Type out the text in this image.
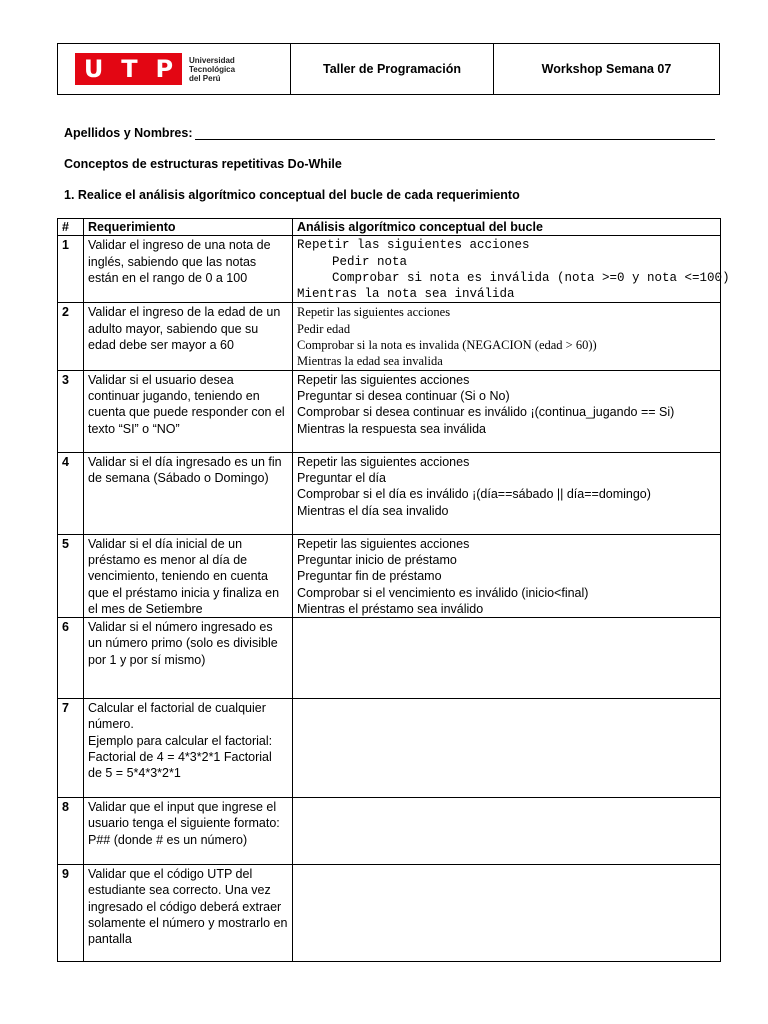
U T P Universidad
Tecnológica
del Perú
Taller de Programación	Workshop Semana 07
Apellidos y Nombres:
Conceptos de estructuras repetitivas Do-While
1. Realice el análisis algorítmico conceptual del bucle de cada requerimiento
#	Requerimiento	Análisis algorítmico conceptual del bucle
1	Validar el ingreso de una nota de inglés, sabiendo que las notas están en el rango de 0 a 100	Repetir las siguientes acciones
Pedir nota
Comprobar si nota es inválida (nota >=0 y nota <=100)
Mientras la nota sea inválida

2	Validar el ingreso de la edad de un adulto mayor, sabiendo que su edad debe ser mayor a 60	Repetir las siguientes acciones
Pedir edad
Comprobar si la nota es invalida (NEGACION (edad > 60))
Mientras la edad sea invalida

3	Validar si el usuario desea continuar jugando, teniendo en cuenta que puede responder con el texto “SI” o “NO”	Repetir las siguientes acciones
Preguntar si desea continuar (Si o No)
Comprobar si desea continuar es inválido ¡(continua_jugando == Si)
Mientras la respuesta sea inválida

4	Validar si el día ingresado es un fin de semana (Sábado o Domingo)	Repetir las siguientes acciones
Preguntar el día
Comprobar si el día es inválido ¡(día==sábado || día==domingo)
Mientras el día sea invalido

5	Validar si el día inicial de un préstamo es menor al día de vencimiento, teniendo en cuenta que el préstamo inicia y finaliza en el mes de Setiembre	Repetir las siguientes acciones
Preguntar inicio de préstamo
Preguntar fin de préstamo
Comprobar si el vencimiento es inválido (inicio<final)
Mientras el préstamo sea inválido

6	Validar si el número ingresado es un número primo (solo es divisible por 1 y por sí mismo)	
7	Calcular el factorial de cualquier número.
Ejemplo para calcular el factorial: Factorial de 4 = 4*3*2*1 Factorial de 5 = 5*4*3*2*1	

8	Validar que el input que ingrese el usuario tenga el siguiente formato: P## (donde # es un número)	
9	Validar que el código UTP del estudiante sea correcto. Una vez ingresado el código deberá extraer solamente el número y mostrarlo en pantalla	
